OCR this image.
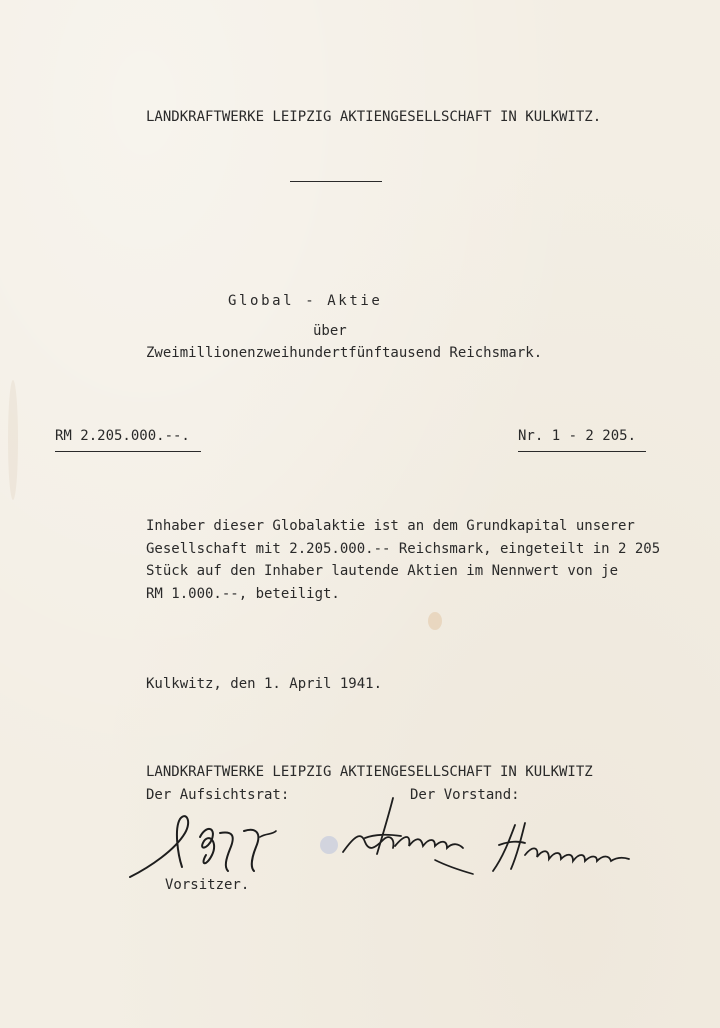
LANDKRAFTWERKE LEIPZIG AKTIENGESELLSCHAFT IN KULKWITZ.
Global - Aktie
über
Zweimillionenzweihundertfünftausend Reichsmark.
RM 2.205.000.--.	Nr. 1 - 2 205.
Inhaber dieser Globalaktie ist an dem Grundkapital unserer
Gesellschaft mit 2.205.000.-- Reichsmark, eingeteilt in 2 205
Stück auf den Inhaber lautende Aktien im Nennwert von je
RM 1.000.--, beteiligt.
Kulkwitz, den 1. April 1941.
LANDKRAFTWERKE LEIPZIG AKTIENGESELLSCHAFT IN KULKWITZ
Der Aufsichtsrat:	Der Vorstand:
Vorsitzer.
